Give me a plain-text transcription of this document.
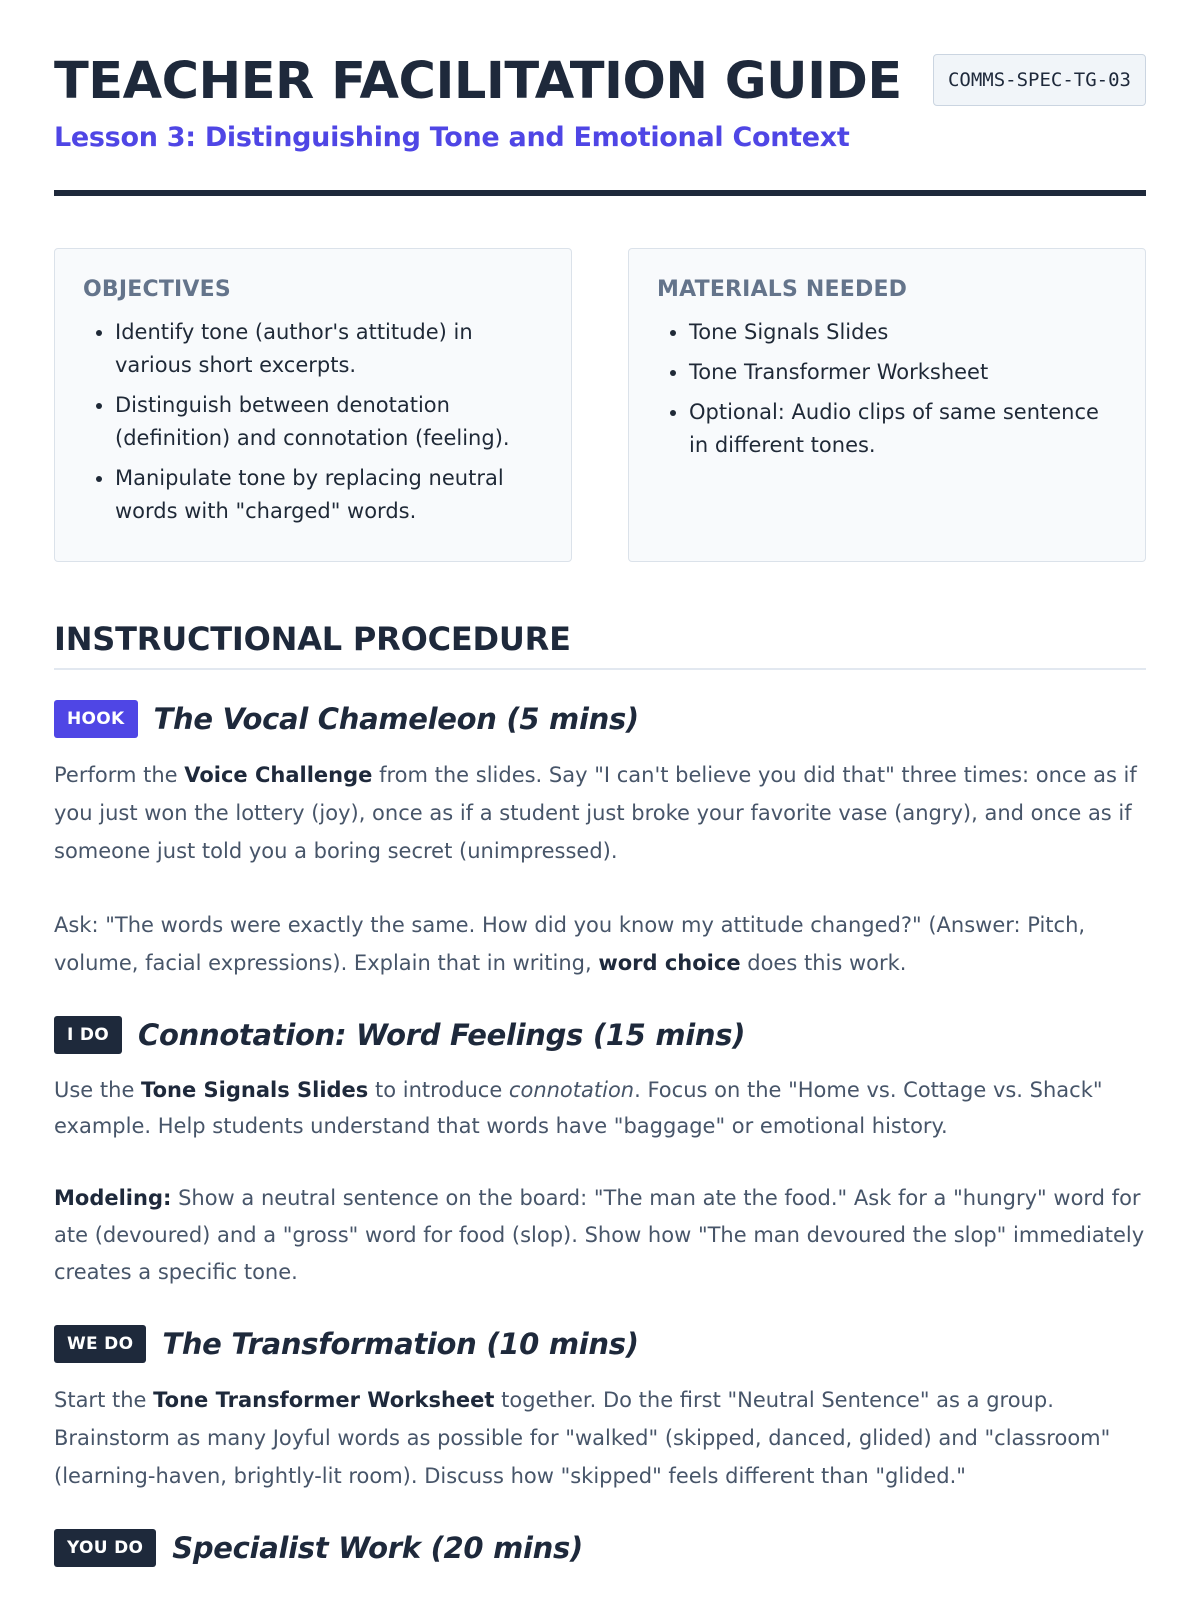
TEACHER FACILITATION GUIDE
Lesson 3: Distinguishing Tone and Emotional Context
COMMS-SPEC-TG-03
OBJECTIVES
• Identify tone (author's attitude) in various short excerpts.
• Distinguish between denotation (definition) and connotation (feeling).
• Manipulate tone by replacing neutral words with "charged" words.
MATERIALS NEEDED
• Tone Signals Slides
• Tone Transformer Worksheet
• Optional: Audio clips of same sentence in different tones.
INSTRUCTIONAL PROCEDURE
HOOK	The Vocal Chameleon (5 mins)

Perform the Voice Challenge from the slides. Say "I can't believe you did that" three times: once as if you just won the lottery (joy), once as if a student just broke your favorite vase (angry), and once as if someone just told you a boring secret (unimpressed).

Ask: "The words were exactly the same. How did you know my attitude changed?" (Answer: Pitch, volume, facial expressions). Explain that in writing, word choice does this work.

I DO	Connotation: Word Feelings (15 mins)

Use the Tone Signals Slides to introduce connotation. Focus on the "Home vs. Cottage vs. Shack" example. Help students understand that words have "baggage" or emotional history.

Modeling: Show a neutral sentence on the board: "The man ate the food." Ask for a "hungry" word for ate (devoured) and a "gross" word for food (slop). Show how "The man devoured the slop" immediately creates a specific tone.

WE DO	The Transformation (10 mins)

Start the Tone Transformer Worksheet together. Do the first "Neutral Sentence" as a group. Brainstorm as many Joyful words as possible for "walked" (skipped, danced, glided) and "classroom" (learning-haven, brightly-lit room). Discuss how "skipped" feels different than "glided."

YOU DO	Specialist Work (20 mins)
